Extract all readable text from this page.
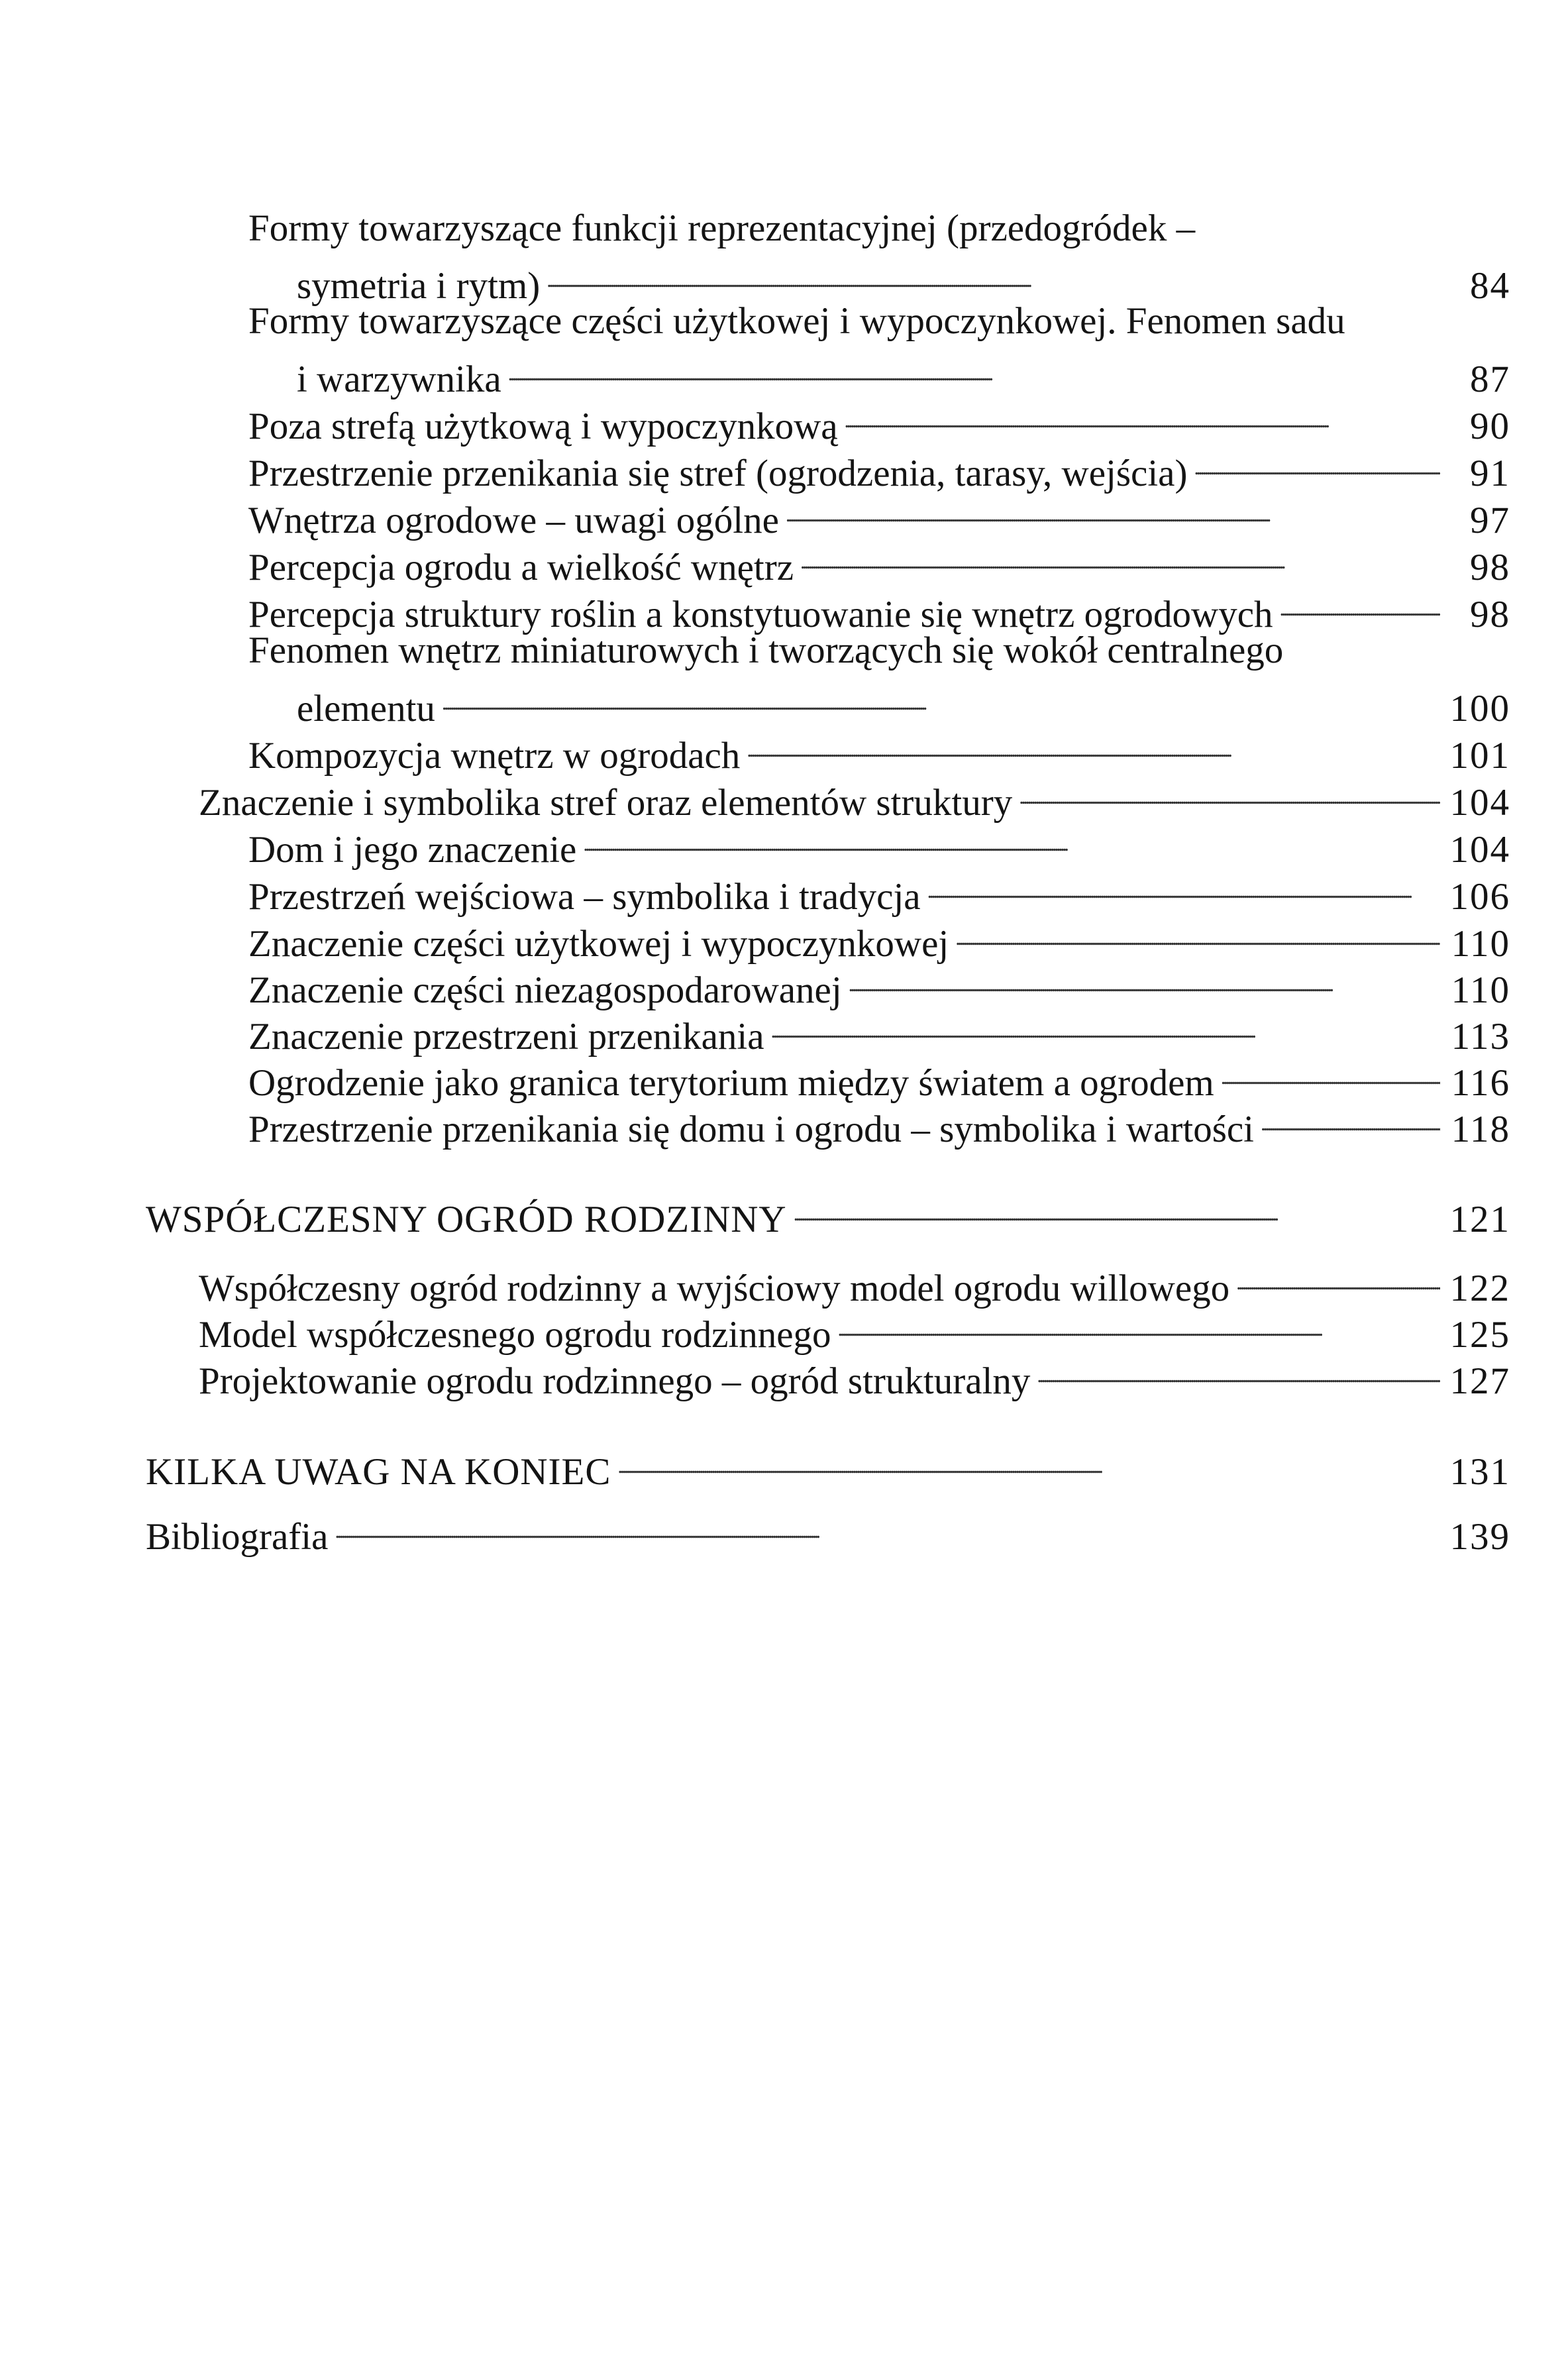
Formy towarzyszące funkcji reprezentacyjnej (przedogródek –
symetria i rytm) . . .	84
Formy towarzyszące części użytkowej i wypoczynkowej. Fenomen sadu
i warzywnika . . .	87
Poza strefą użytkową i wypoczynkową . . .	90
Przestrzenie przenikania się stref (ogrodzenia, tarasy, wejścia) . . .	91
Wnętrza ogrodowe – uwagi ogólne . . .	97
Percepcja ogrodu a wielkość wnętrz . . .	98
Percepcja struktury roślin a konstytuowanie się wnętrz ogrodowych . . .	98
Fenomen wnętrz miniaturowych i tworzących się wokół centralnego
elementu . . .	100
Kompozycja wnętrz w ogrodach . . .	101
Znaczenie i symbolika stref oraz elementów struktury . . .	104
Dom i jego znaczenie . . .	104
Przestrzeń wejściowa – symbolika i tradycja . . .	106
Znaczenie części użytkowej i wypoczynkowej . . .	110
Znaczenie części niezagospodarowanej . . .	110
Znaczenie przestrzeni przenikania . . .	113
Ogrodzenie jako granica terytorium między światem a ogrodem . . .	116
Przestrzenie przenikania się domu i ogrodu – symbolika i wartości . . .	118
WSPÓŁCZESNY OGRÓD RODZINNY . . .	121
Współczesny ogród rodzinny a wyjściowy model ogrodu willowego . . .	122
Model współczesnego ogrodu rodzinnego . . .	125
Projektowanie ogrodu rodzinnego – ogród strukturalny . . .	127
KILKA UWAG NA KONIEC . . .	131
Bibliografia . . .	139
